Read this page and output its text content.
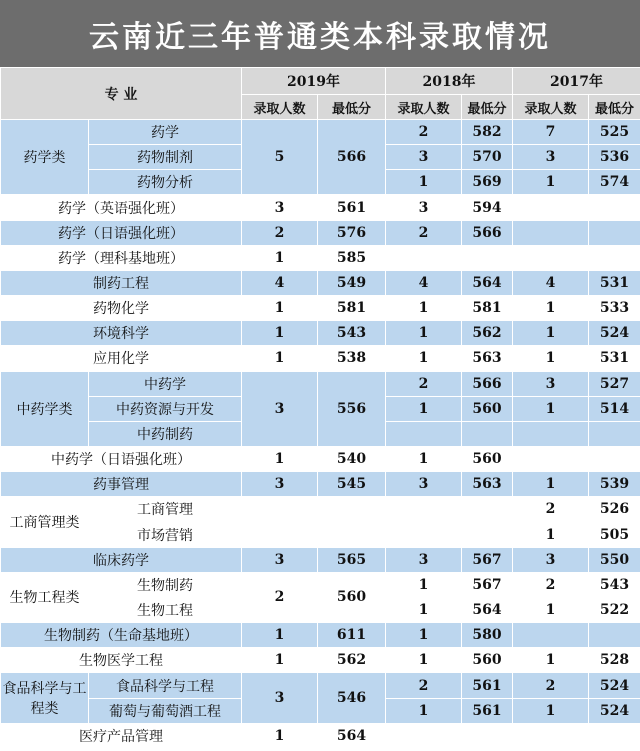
云南近三年普通类本科录取情况
专 业		2019年		2018年		2017年	
		录取人数	最低分	录取人数	最低分	录取人数	最低分
药学类	药学	5	566	2	582	7	525
	药物制剂			3	570	3	536
	药物分析			1	569	1	574
药学（英语强化班）		3	561	3	594		
药学（日语强化班）		2	576	2	566		
药学（理科基地班）		1	585				
制药工程		4	549	4	564	4	531
药物化学		1	581	1	581	1	533
环境科学		1	543	1	562	1	524
应用化学		1	538	1	563	1	531
中药学类	中药学	3	556	2	566	3	527
	中药资源与开发			1	560	1	514
	中药制药						
中药学（日语强化班）		1	540	1	560		
药事管理		3	545	3	563	1	539
工商管理类	工商管理					2	526
	市场营销					1	505
临床药学		3	565	3	567	3	550
生物工程类	生物制药	2	560	1	567	2	543
	生物工程			1	564	1	522
生物制药（生命基地班）		1	611	1	580		
生物医学工程		1	562	1	560	1	528
食品科学与工程类	食品科学与工程	3	546	2	561	2	524
	葡萄与葡萄酒工程			1	561	1	524
医疗产品管理		1	564				
